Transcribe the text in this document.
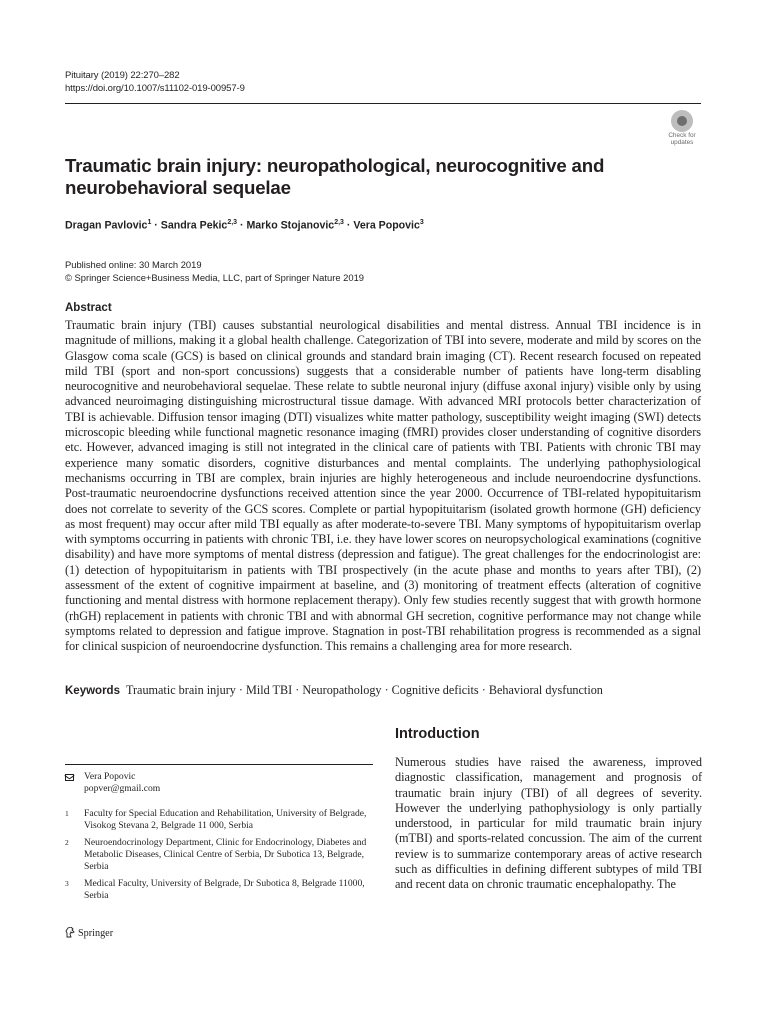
Pituitary (2019) 22:270–282
https://doi.org/10.1007/s11102-019-00957-9
Check for
updates
Traumatic brain injury: neuropathological, neurocognitive and neurobehavioral sequelae
Dragan Pavlovic$^1$ · Sandra Pekic$^{2,3}$ · Marko Stojanovic$^{2,3}$ · Vera Popovic$^3$
Published online: 30 March 2019
© Springer Science+Business Media, LLC, part of Springer Nature 2019
Abstract
Traumatic brain injury (TBI) causes substantial neurological disabilities and mental distress. Annual TBI incidence is in magnitude of millions, making it a global health challenge. Categorization of TBI into severe, moderate and mild by scores on the Glasgow coma scale (GCS) is based on clinical grounds and standard brain imaging (CT). Recent research focused on repeated mild TBI (sport and non-sport concussions) suggests that a considerable number of patients have long-term disabling neurocognitive and neurobehavioral sequelae. These relate to subtle neuronal injury (diffuse axonal injury) visible only by using advanced neuroimaging distinguishing microstructural tissue damage. With advanced MRI protocols better characterization of TBI is achievable. Diffusion tensor imaging (DTI) visualizes white matter pathology, susceptibility weight imaging (SWI) detects microscopic bleeding while functional magnetic resonance imaging (fMRI) provides closer understanding of cognitive disorders etc. However, advanced imaging is still not integrated in the clinical care of patients with TBI. Patients with chronic TBI may experience many somatic disorders, cognitive disturbances and mental complaints. The underlying pathophysiological mechanisms occurring in TBI are complex, brain injuries are highly heterogeneous and include neuroendocrine dysfunctions. Post-traumatic neuroendocrine dysfunctions received attention since the year 2000. Occurrence of TBI-related hypopituitarism does not correlate to severity of the GCS scores. Complete or partial hypopituitarism (isolated growth hormone (GH) deficiency as most frequent) may occur after mild TBI equally as after moderate-to-severe TBI. Many symptoms of hypopituitarism overlap with symptoms occurring in patients with chronic TBI, i.e. they have lower scores on neuropsychological examinations (cognitive disability) and have more symptoms of mental distress (depression and fatigue). The great challenges for the endocrinologist are: (1) detection of hypopituitarism in patients with TBI prospectively (in the acute phase and months to years after TBI), (2) assessment of the extent of cognitive impairment at baseline, and (3) monitoring of treatment effects (alteration of cognitive functioning and mental distress with hormone replacement therapy). Only few studies recently suggest that with growth hormone (rhGH) replacement in patients with chronic TBI and with abnormal GH secretion, cognitive performance may not change while symptoms related to depression and fatigue improve. Stagnation in post-TBI rehabilitation progress is recommended as a signal for clinical suspicion of neuroendocrine dysfunction. This remains a challenging area for more research.
Keywords Traumatic brain injury · Mild TBI · Neuropathology · Cognitive deficits · Behavioral dysfunction
Introduction
Numerous studies have raised the awareness, improved diagnostic classification, management and prognosis of traumatic brain injury (TBI) of all degrees of severity. However the underlying pathophysiology is only partially understood, in particular for mild traumatic brain injury (mTBI) and sports-related concussion. The aim of the current review is to summarize contemporary areas of active research such as difficulties in defining different subtypes of mild TBI and recent data on chronic traumatic encephalopathy. The
Vera Popovic
popver@gmail.com
1 Faculty for Special Education and Rehabilitation, University of Belgrade, Visokog Stevana 2, Belgrade 11 000, Serbia
2 Neuroendocrinology Department, Clinic for Endocrinology, Diabetes and Metabolic Diseases, Clinical Centre of Serbia, Dr Subotica 13, Belgrade, Serbia
3 Medical Faculty, University of Belgrade, Dr Subotica 8, Belgrade 11000, Serbia
Springer
